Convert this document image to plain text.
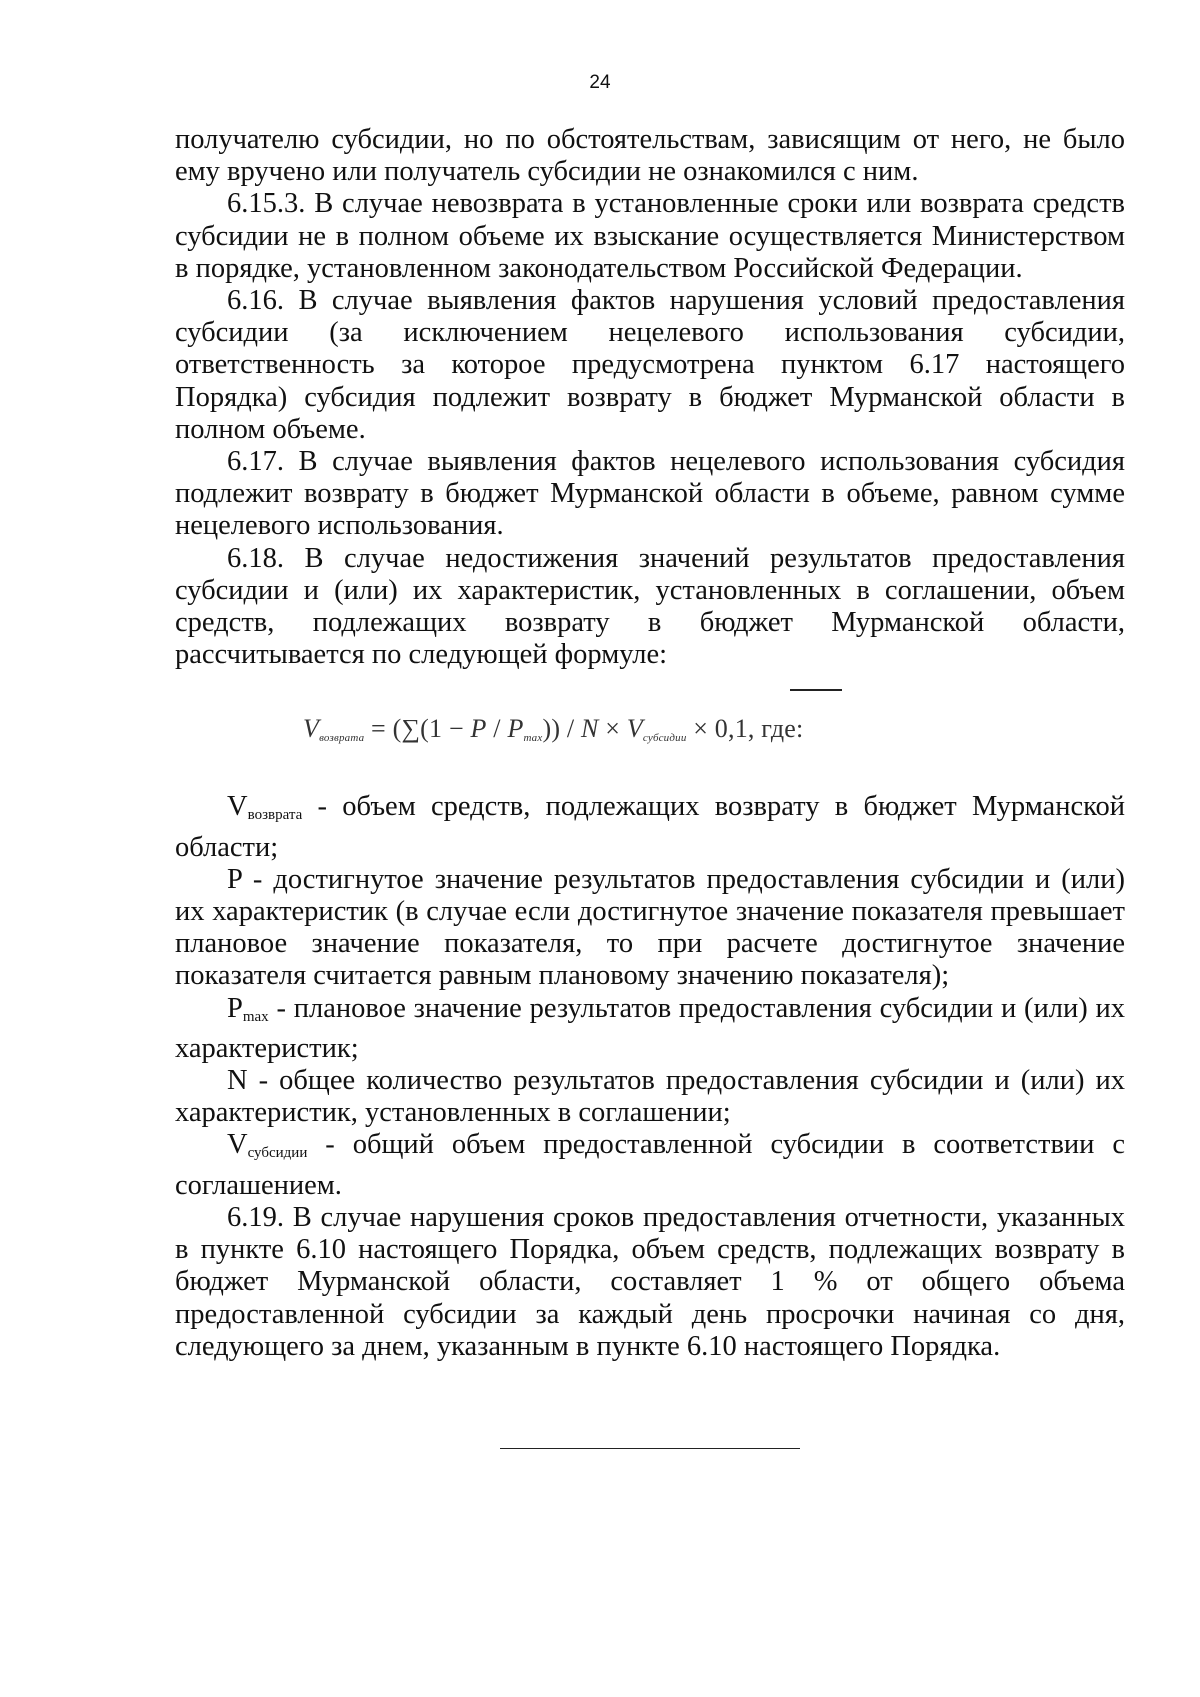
24

получателю субсидии, но по обстоятельствам, зависящим от него, не было ему вручено или получатель субсидии не ознакомился с ним.

6.15.3. В случае невозврата в установленные сроки или возврата средств субсидии не в полном объеме их взыскание осуществляется Министерством в порядке, установленном законодательством Российской Федерации.

6.16. В случае выявления фактов нарушения условий предоставления субсидии (за исключением нецелевого использования субсидии, ответственность за которое предусмотрена пунктом 6.17 настоящего Порядка) субсидия подлежит возврату в бюджет Мурманской области в полном объеме.

6.17. В случае выявления фактов нецелевого использования субсидия подлежит возврату в бюджет Мурманской области в объеме, равном сумме нецелевого использования.

6.18. В случае недостижения значений результатов предоставления субсидии и (или) их характеристик, установленных в соглашении, объем средств, подлежащих возврату в бюджет Мурманской области, рассчитывается по следующей формуле:

$V_{возврата} = (\sum(1 - P / P_{max})) / N \times V_{субсидии} \times 0,1$, где:

$V_{возврата}$ - объем средств, подлежащих возврату в бюджет Мурманской области;

P - достигнутое значение результатов предоставления субсидии и (или) их характеристик (в случае если достигнутое значение показателя превышает плановое значение показателя, то при расчете достигнутое значение показателя считается равным плановому значению показателя);

$P_{max}$ - плановое значение результатов предоставления субсидии и (или) их характеристик;

N - общее количество результатов предоставления субсидии и (или) их характеристик, установленных в соглашении;

$V_{субсидии}$ - общий объем предоставленной субсидии в соответствии с соглашением.

6.19. В случае нарушения сроков предоставления отчетности, указанных в пункте 6.10 настоящего Порядка, объем средств, подлежащих возврату в бюджет Мурманской области, составляет 1 % от общего объема предоставленной субсидии за каждый день просрочки начиная со дня, следующего за днем, указанным в пункте 6.10 настоящего Порядка.
